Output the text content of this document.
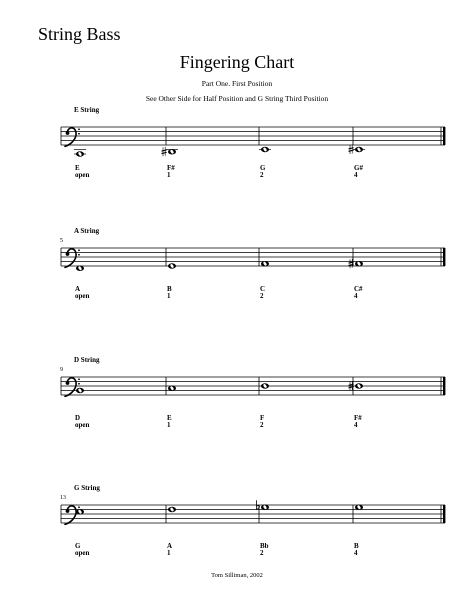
String Bass
Fingering Chart
Part One. First Position
See Other Side for Half Position and G String Third Position
E String
E
open
F#
1
G
2
G#
4
A String
5
A
open
B
1
C
2
C#
4
D String
9
D
open
E
1
F
2
F#
4
G String
13
G
open
A
1
Bb
2
B
4
Tom Silliman, 2002
